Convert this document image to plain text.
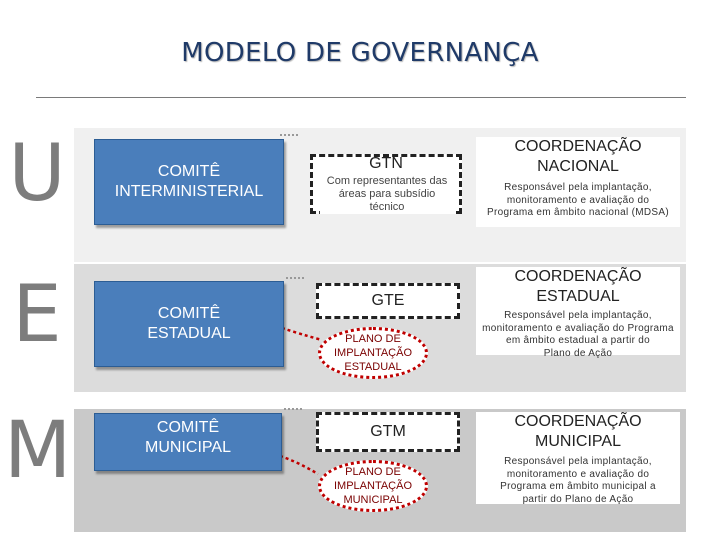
MODELO DE GOVERNANÇA
U
E
M
COMITÊ
INTERMINISTERIAL
GTN
Com representantes das
áreas para subsídio
técnico
COORDENAÇÃO
NACIONAL
Responsável pela implantação,
monitoramento e avaliação do
Programa em âmbito nacional (MDSA)
COMITÊ
ESTADUAL
GTE
PLANO DE
IMPLANTAÇÃO
ESTADUAL
COORDENAÇÃO
ESTADUAL
Responsável pela implantação,
monitoramento e avaliação do Programa
em âmbito estadual a partir do
Plano de Ação
COMITÊ
MUNICIPAL
GTM
PLANO DE
IMPLANTAÇÃO
MUNICIPAL
COORDENAÇÃO
MUNICIPAL
Responsável pela implantação,
monitoramento e avaliação do
Programa em âmbito municipal a
partir do Plano de Ação
